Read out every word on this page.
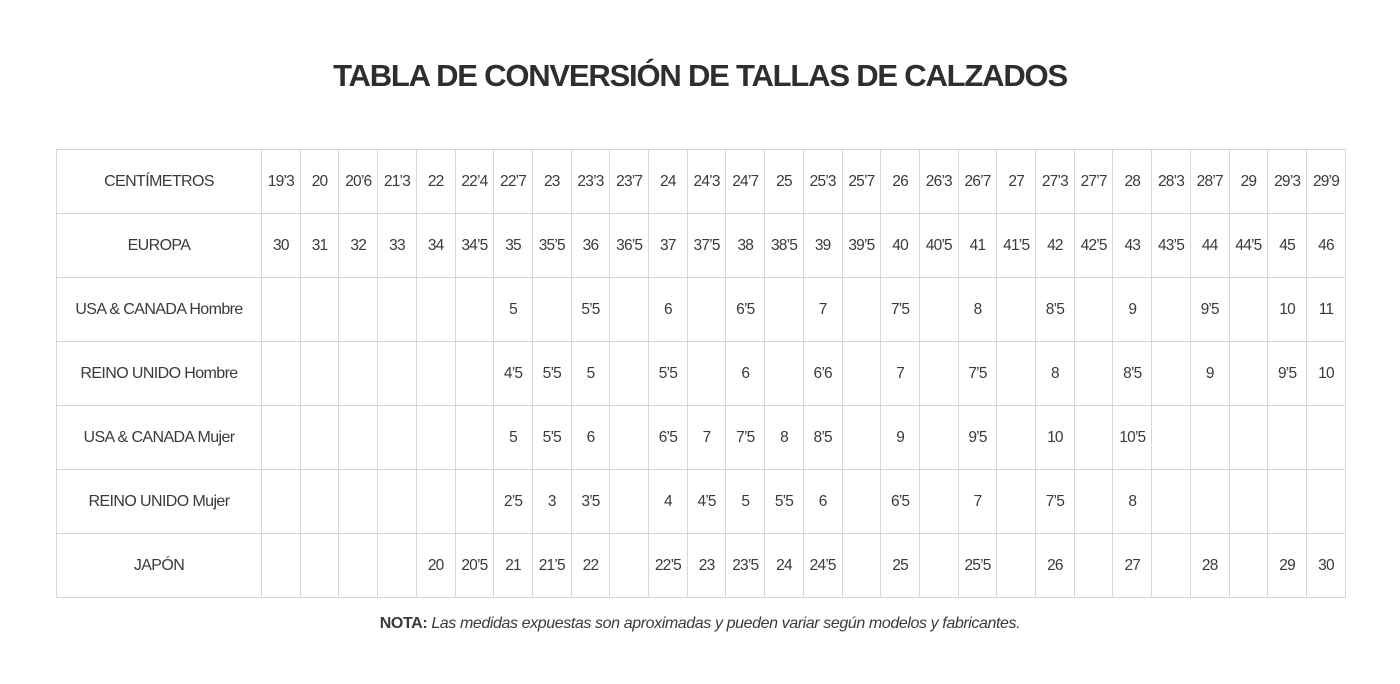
TABLA DE CONVERSIÓN DE TALLAS DE CALZADOS
CENTÍMETROS	19’3	20	20’6	21’3	22	22’4	22’7	23	23’3	23’7	24	24’3	24’7	25	25’3	25’7	26	26’3	26’7	27	27’3	27’7	28	28’3	28’7	29	29’3	29’9
EUROPA	30	31	32	33	34	34’5	35	35’5	36	36’5	37	37’5	38	38’5	39	39’5	40	40’5	41	41’5	42	42’5	43	43’5	44	44’5	45	46
USA & CANADA Hombre							5		5’5		6		6’5		7		7’5		8		8’5		9		9’5		10	11
REINO UNIDO Hombre							4’5	5’5	5		5’5		6		6’6		7		7’5		8		8’5		9		9’5	10
USA & CANADA Mujer							5	5’5	6		6’5	7	7’5	8	8’5		9		9’5		10		10’5					
REINO UNIDO Mujer							2’5	3	3’5		4	4’5	5	5’5	6		6’5		7		7’5		8					
JAPÓN					20	20’5	21	21’5	22		22’5	23	23’5	24	24’5		25		25’5		26		27		28		29	30
NOTA: Las medidas expuestas son aproximadas y pueden variar según modelos y fabricantes.
